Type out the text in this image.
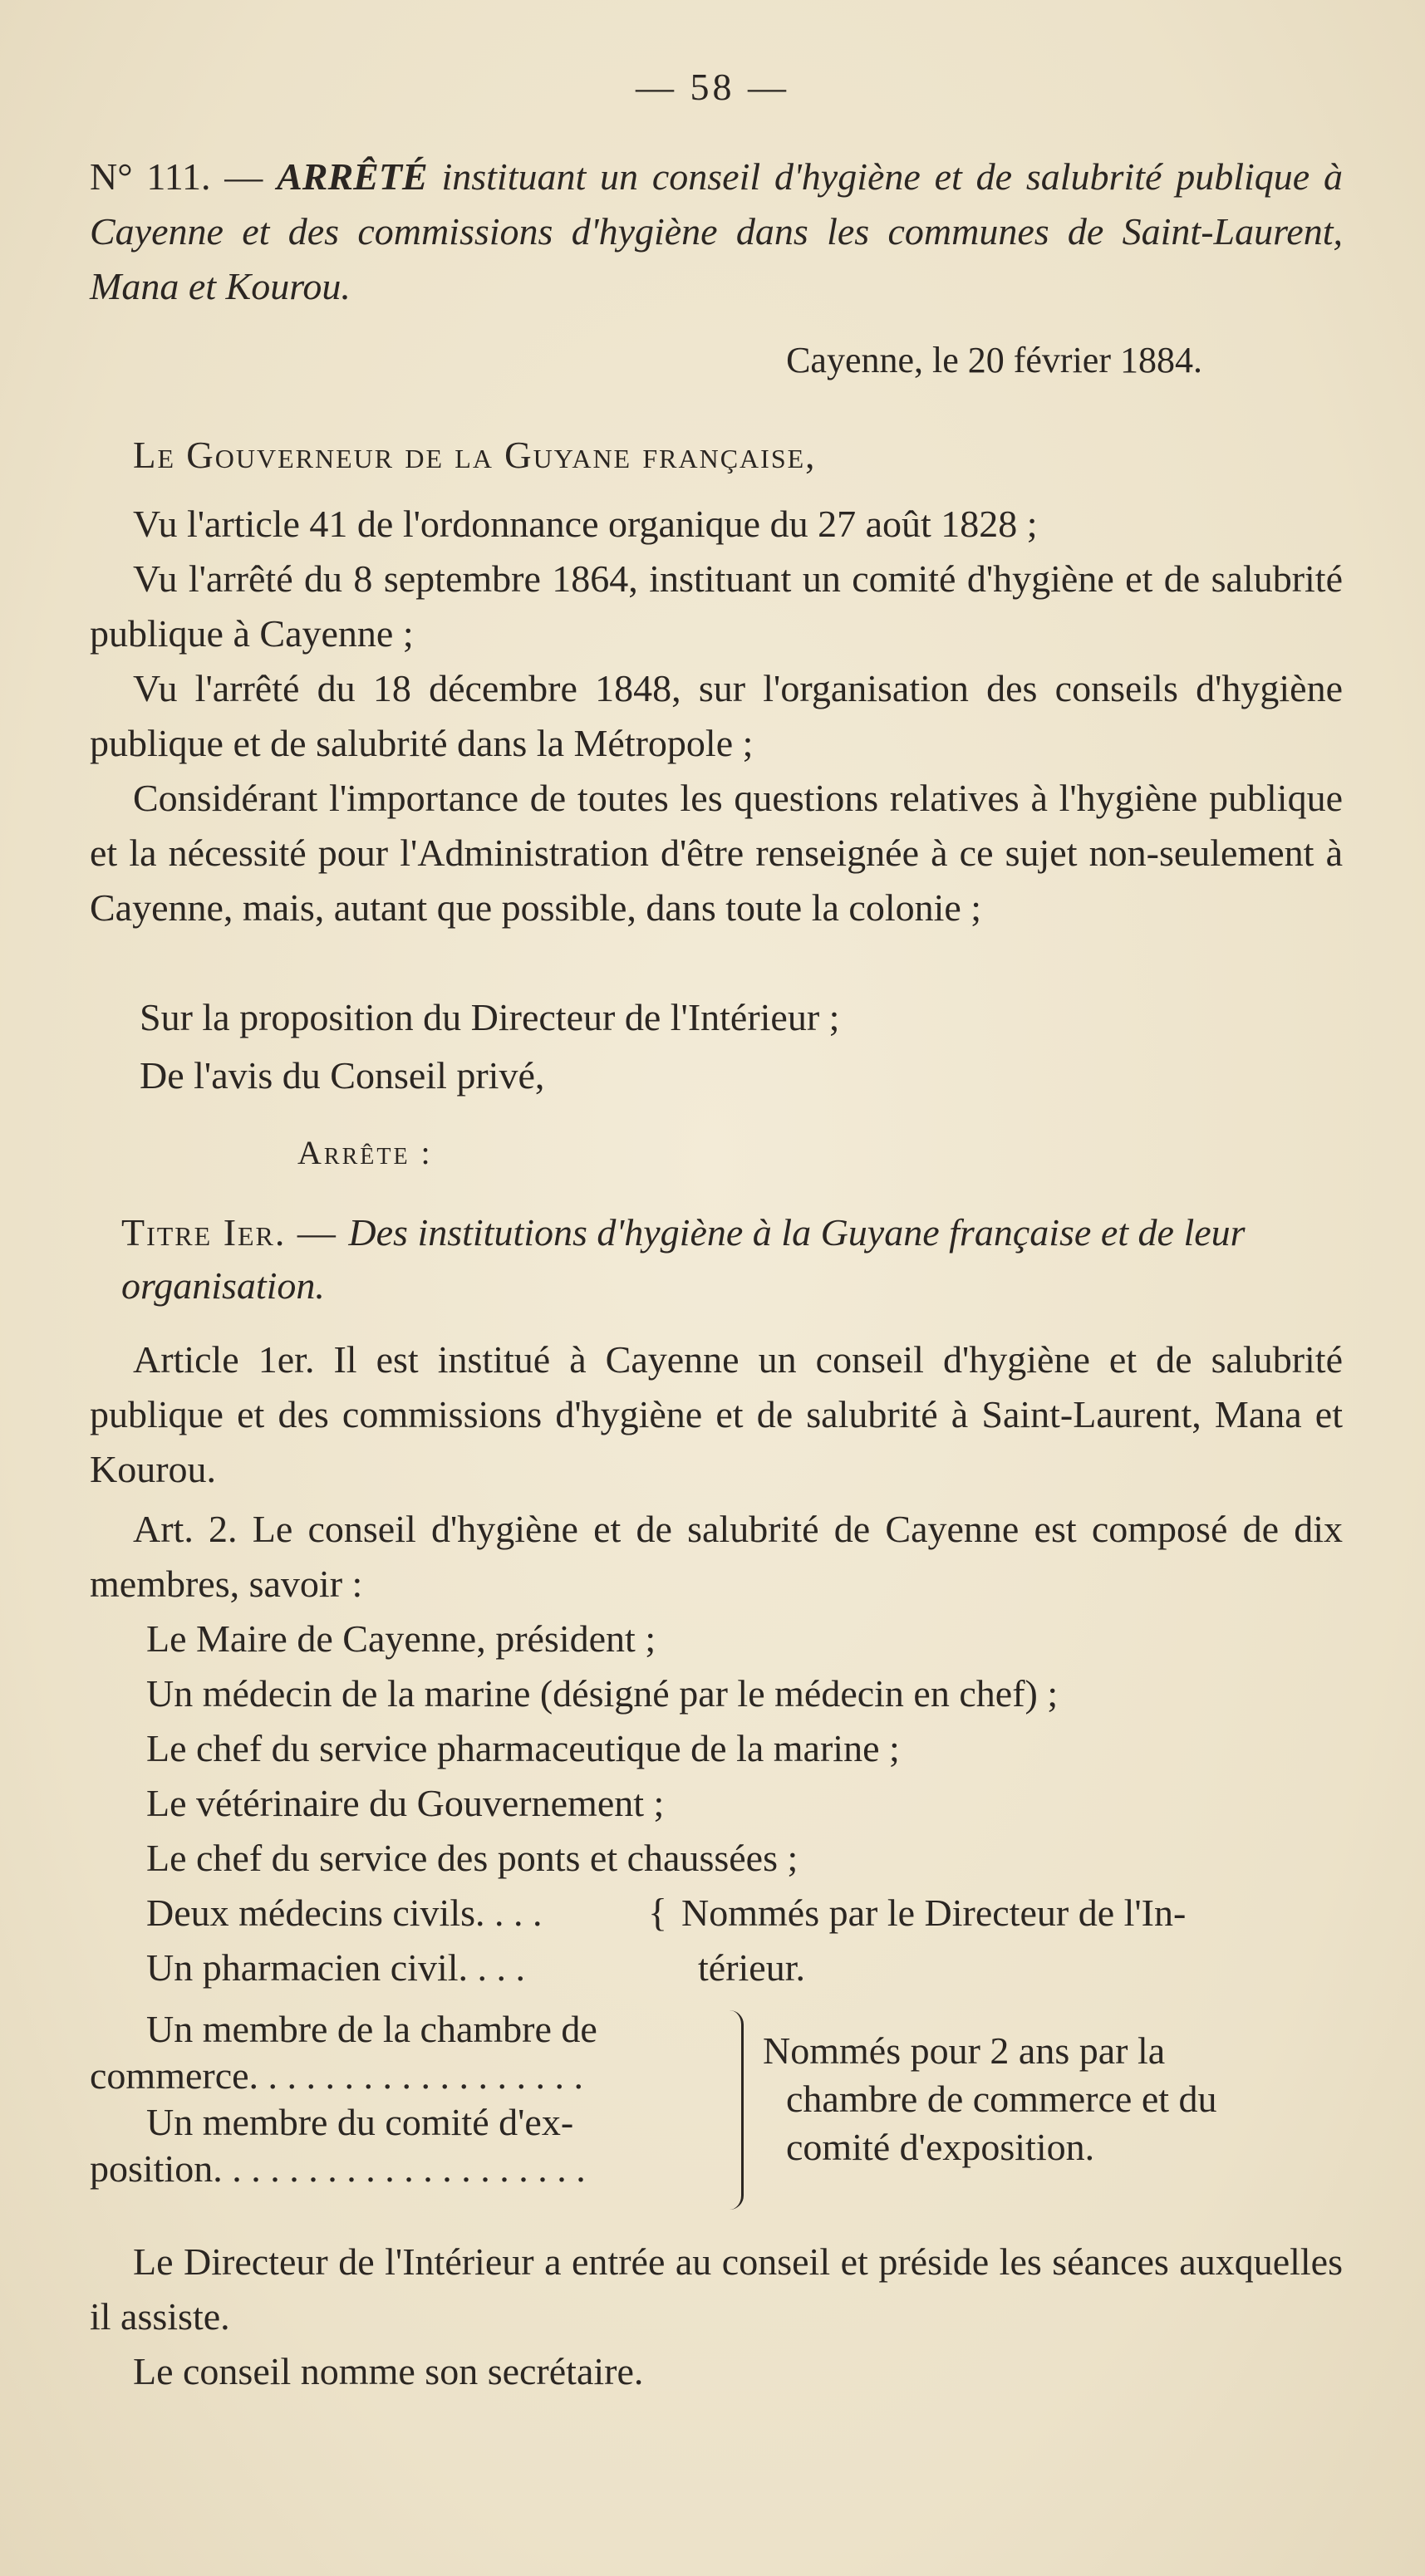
— 58 —
N° 111. — ARRÊTÉ instituant un conseil d'hygiène et de salubrité publique à Cayenne et des commissions d'hygiène dans les communes de Saint-Laurent, Mana et Kourou.
Cayenne, le 20 février 1884.
Le Gouverneur de la Guyane française,
Vu l'article 41 de l'ordonnance organique du 27 août 1828 ;
Vu l'arrêté du 8 septembre 1864, instituant un comité d'hygiène et de salubrité publique à Cayenne ;
Vu l'arrêté du 18 décembre 1848, sur l'organisation des conseils d'hygiène publique et de salubrité dans la Métropole ;
Considérant l'importance de toutes les questions relatives à l'hygiène publique et la nécessité pour l'Administration d'être renseignée à ce sujet non-seulement à Cayenne, mais, autant que possible, dans toute la colonie ;
Sur la proposition du Directeur de l'Intérieur ;
De l'avis du Conseil privé,
Arrête :
Titre Ier. — Des institutions d'hygiène à la Guyane française et de leur organisation.
Article 1er. Il est institué à Cayenne un conseil d'hygiène et de salubrité publique et des commissions d'hygiène et de salubrité à Saint-Laurent, Mana et Kourou.
Art. 2. Le conseil d'hygiène et de salubrité de Cayenne est composé de dix membres, savoir :
Le Maire de Cayenne, président ;
Un médecin de la marine (désigné par le médecin en chef) ;
Le chef du service pharmaceutique de la marine ;
Le vétérinaire du Gouvernement ;
Le chef du service des ponts et chaussées ;
Deux médecins civils. . . .
Un pharmacien civil. . . .
{ Nommés par le Directeur de l'In-
térieur.
Un membre de la chambre de
commerce. . . . . . . . . . . . . . . . . .
Un membre du comité d'ex-
position. . . . . . . . . . . . . . . . . . . .
Nommés pour 2 ans par la
chambre de commerce et du
comité d'exposition.
Le Directeur de l'Intérieur a entrée au conseil et préside les séances auxquelles il assiste.
Le conseil nomme son secrétaire.
